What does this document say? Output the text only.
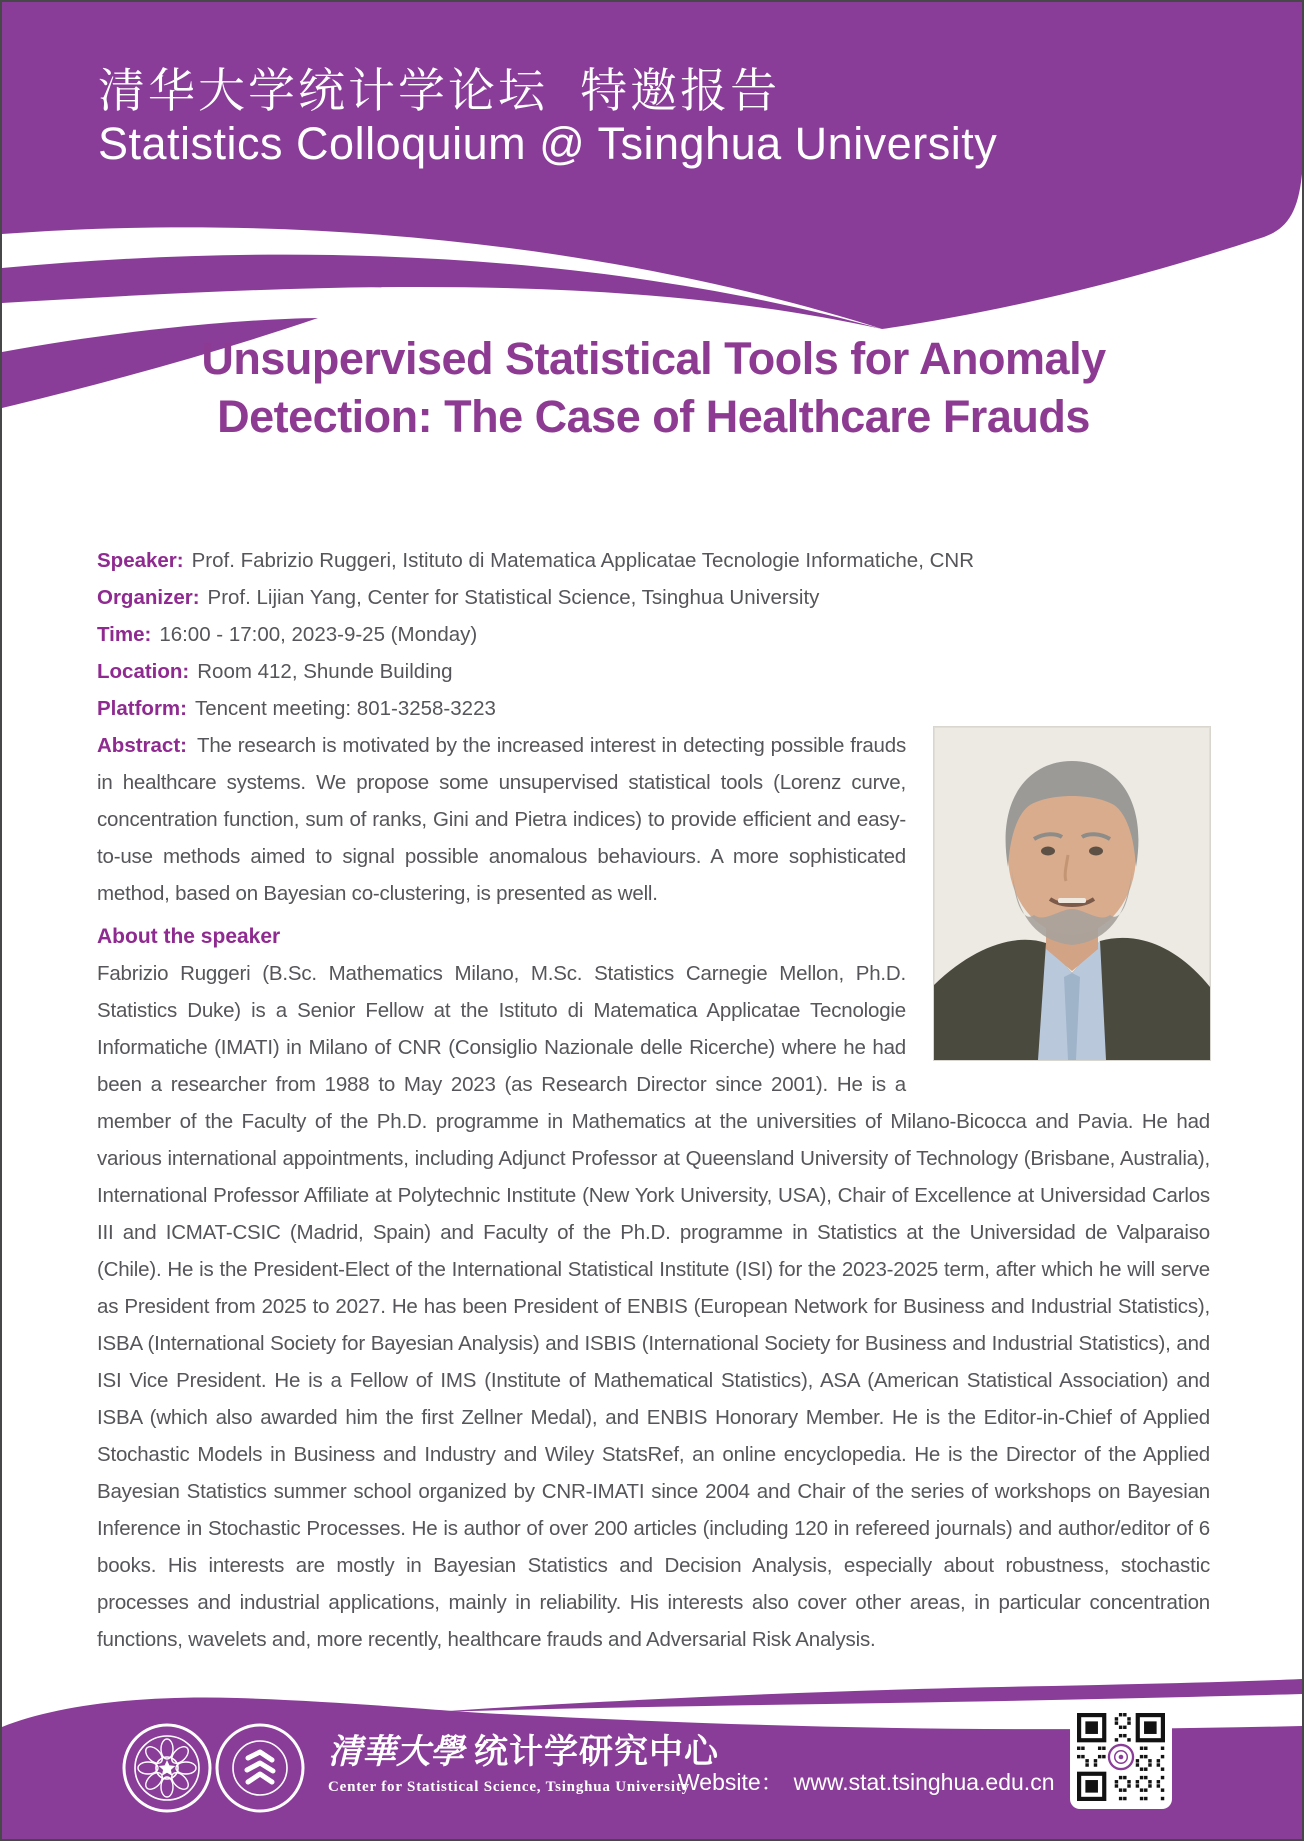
清华大学统计学论坛  特邀报告
Statistics Colloquium @ Tsinghua University
Unsupervised Statistical Tools for Anomaly
Detection: The Case of Healthcare Frauds
Speaker: Prof. Fabrizio Ruggeri, Istituto di Matematica Applicatae Tecnologie Informatiche, CNR
Organizer: Prof. Lijian Yang, Center for Statistical Science, Tsinghua University
Time: 16:00 - 17:00, 2023-9-25 (Monday)
Location: Room 412, Shunde Building
Platform: Tencent meeting: 801-3258-3223

Abstract: The research is motivated by the increased interest in detecting possible frauds in healthcare systems. We propose some unsupervised statistical tools (Lorenz curve, concentration function, sum of ranks, Gini and Pietra indices) to provide efficient and easy-to-use methods aimed to signal possible anomalous behaviours. A more sophisticated method, based on Bayesian co-clustering, is presented as well.

About the speaker

Fabrizio Ruggeri (B.Sc. Mathematics Milano, M.Sc. Statistics Carnegie Mellon, Ph.D. Statistics Duke) is a Senior Fellow at the Istituto di Matematica Applicatae Tecnologie Informatiche (IMATI) in Milano of CNR (Consiglio Nazionale delle Ricerche) where he had been a researcher from 1988 to May 2023 (as Research Director since 2001). He is a member of the Faculty of the Ph.D. programme in Mathematics at the universities of Milano-Bicocca and Pavia. He had various international appointments, including Adjunct Professor at Queensland University of Technology (Brisbane, Australia), International Professor Affiliate at Polytechnic Institute (New York University, USA), Chair of Excellence at Universidad Carlos III and ICMAT-CSIC (Madrid, Spain) and Faculty of the Ph.D. programme in Statistics at the Universidad de Valparaiso (Chile). He is the President-Elect of the International Statistical Institute (ISI) for the 2023-2025 term, after which he will serve as President from 2025 to 2027. He has been President of ENBIS (European Network for Business and Industrial Statistics), ISBA (International Society for Bayesian Analysis) and ISBIS (International Society for Business and Industrial Statistics), and ISI Vice President. He is a Fellow of IMS (Institute of Mathematical Statistics), ASA (American Statistical Association) and ISBA (which also awarded him the first Zellner Medal), and ENBIS Honorary Member. He is the Editor-in-Chief of Applied Stochastic Models in Business and Industry and Wiley StatsRef, an online encyclopedia. He is the Director of the Applied Bayesian Statistics summer school organized by CNR-IMATI since 2004 and Chair of the series of workshops on Bayesian Inference in Stochastic Processes. He is author of over 200 articles (including 120 in refereed journals) and author/editor of 6 books. His interests are mostly in Bayesian Statistics and Decision Analysis, especially about robustness, stochastic processes and industrial applications, mainly in reliability. His interests also cover other areas, in particular concentration functions, wavelets and, more recently, healthcare frauds and Adversarial Risk Analysis.

清華大學 统计学研究中心
Center for Statistical Science, Tsinghua University
Website： www.stat.tsinghua.edu.cn
